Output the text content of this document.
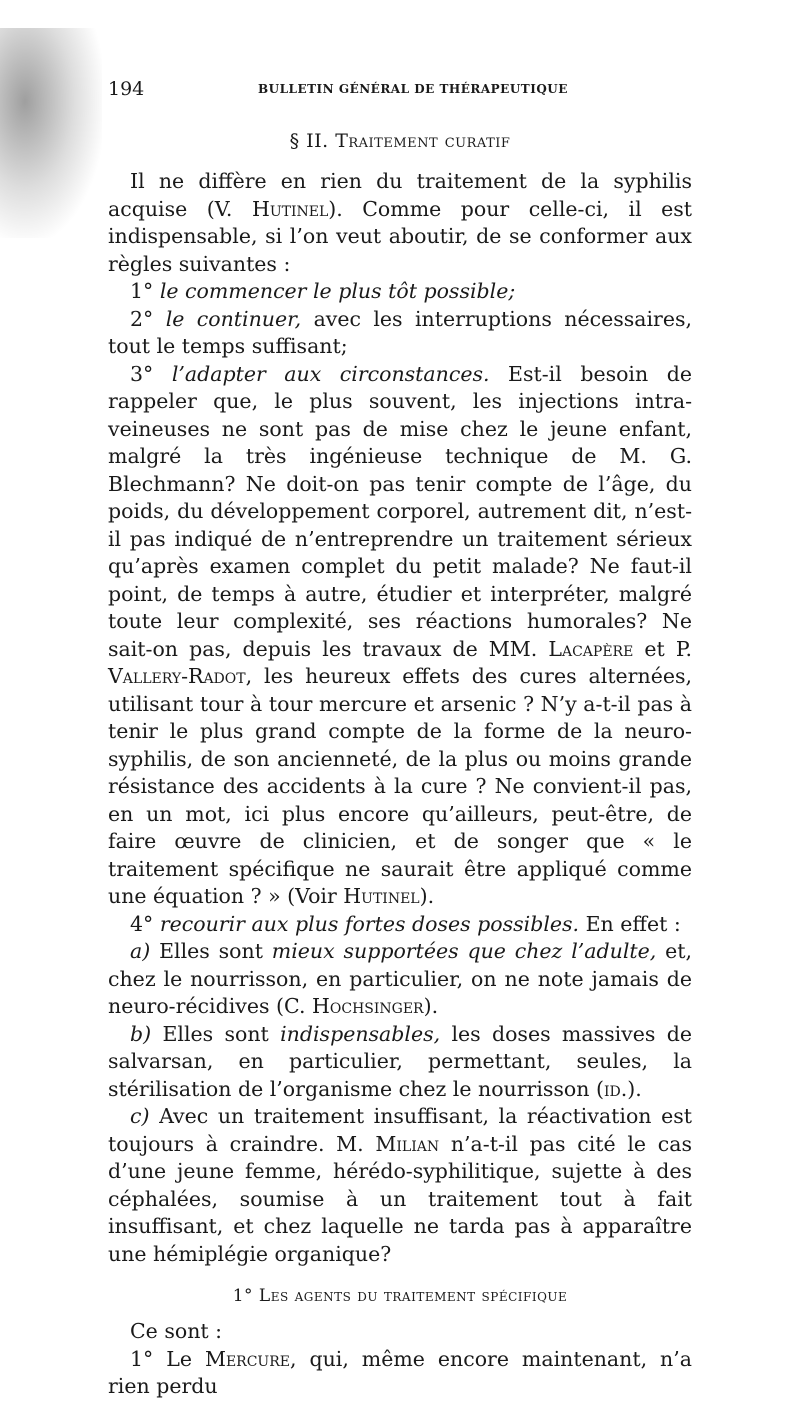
194	BULLETIN GÉNÉRAL DE THÉRAPEUTIQUE
§ II. Traitement curatif

Il ne diffère en rien du traitement de la syphilis acquise (V. Hutinel). Comme pour celle-ci, il est indispensable, si l’on veut aboutir, de se conformer aux règles suivantes :

1° le commencer le plus tôt possible;

2° le continuer, avec les interruptions nécessaires, tout le temps suffisant;

3° l’adapter aux circonstances. Est-il besoin de rappeler que, le plus souvent, les injections intra-veineuses ne sont pas de mise chez le jeune enfant, malgré la très ingénieuse technique de M. G. Blechmann? Ne doit-on pas tenir compte de l’âge, du poids, du développement corporel, autrement dit, n’est-il pas indiqué de n’entreprendre un traitement sérieux qu’après examen complet du petit malade? Ne faut-il point, de temps à autre, étudier et interpréter, malgré toute leur complexité, ses réactions humorales? Ne sait-on pas, depuis les travaux de MM. Lacapère et P. Vallery-Radot, les heureux effets des cures alternées, utilisant tour à tour mercure et arsenic ? N’y a-t-il pas à tenir le plus grand compte de la forme de la neuro-syphilis, de son ancienneté, de la plus ou moins grande résistance des accidents à la cure ? Ne convient-il pas, en un mot, ici plus encore qu’ailleurs, peut-être, de faire œuvre de clinicien, et de songer que « le traitement spécifique ne saurait être appliqué comme une équation ? » (Voir Hutinel).

4° recourir aux plus fortes doses possibles. En effet :

a) Elles sont mieux supportées que chez l’adulte, et, chez le nourrisson, en particulier, on ne note jamais de neuro-récidives (C. Hochsinger).

b) Elles sont indispensables, les doses massives de salvarsan, en particulier, permettant, seules, la stérilisation de l’organisme chez le nourrisson (id.).

c) Avec un traitement insuffisant, la réactivation est toujours à craindre. M. Milian n’a-t-il pas cité le cas d’une jeune femme, hérédo-syphilitique, sujette à des céphalées, soumise à un traitement tout à fait insuffisant, et chez laquelle ne tarda pas à apparaître une hémiplégie organique?

1° Les agents du traitement spécifique

Ce sont :

1° Le Mercure, qui, même encore maintenant, n’a rien perdu
